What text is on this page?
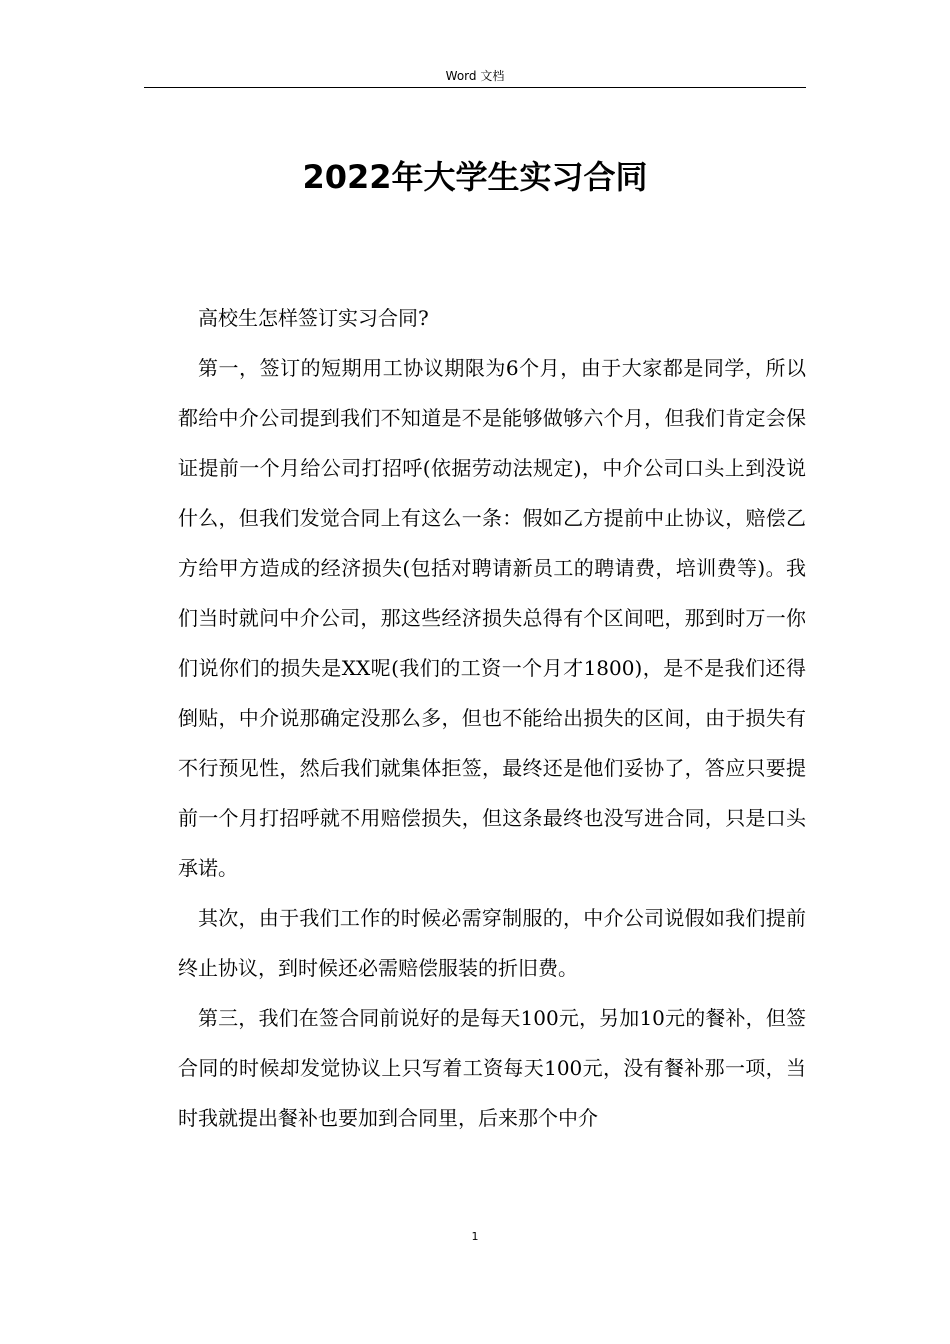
Word 文档
2022年大学生实习合同

高校生怎样签订实习合同?

第一，签订的短期用工协议期限为6个月，由于大家都是同学，所以都给中介公司提到我们不知道是不是能够做够六个月，但我们肯定会保证提前一个月给公司打招呼(依据劳动法规定)，中介公司口头上到没说什么，但我们发觉合同上有这么一条：假如乙方提前中止协议，赔偿乙方给甲方造成的经济损失(包括对聘请新员工的聘请费，培训费等)。我们当时就问中介公司，那这些经济损失总得有个区间吧，那到时万一你们说你们的损失是XX呢(我们的工资一个月才1800)，是不是我们还得倒贴，中介说那确定没那么多，但也不能给出损失的区间，由于损失有不行预见性，然后我们就集体拒签，最终还是他们妥协了，答应只要提前一个月打招呼就不用赔偿损失，但这条最终也没写进合同，只是口头承诺。

其次，由于我们工作的时候必需穿制服的，中介公司说假如我们提前终止协议，到时候还必需赔偿服装的折旧费。

第三，我们在签合同前说好的是每天100元，另加10元的餐补，但签合同的时候却发觉协议上只写着工资每天100元，没有餐补那一项，当时我就提出餐补也要加到合同里，后来那个中介

1
